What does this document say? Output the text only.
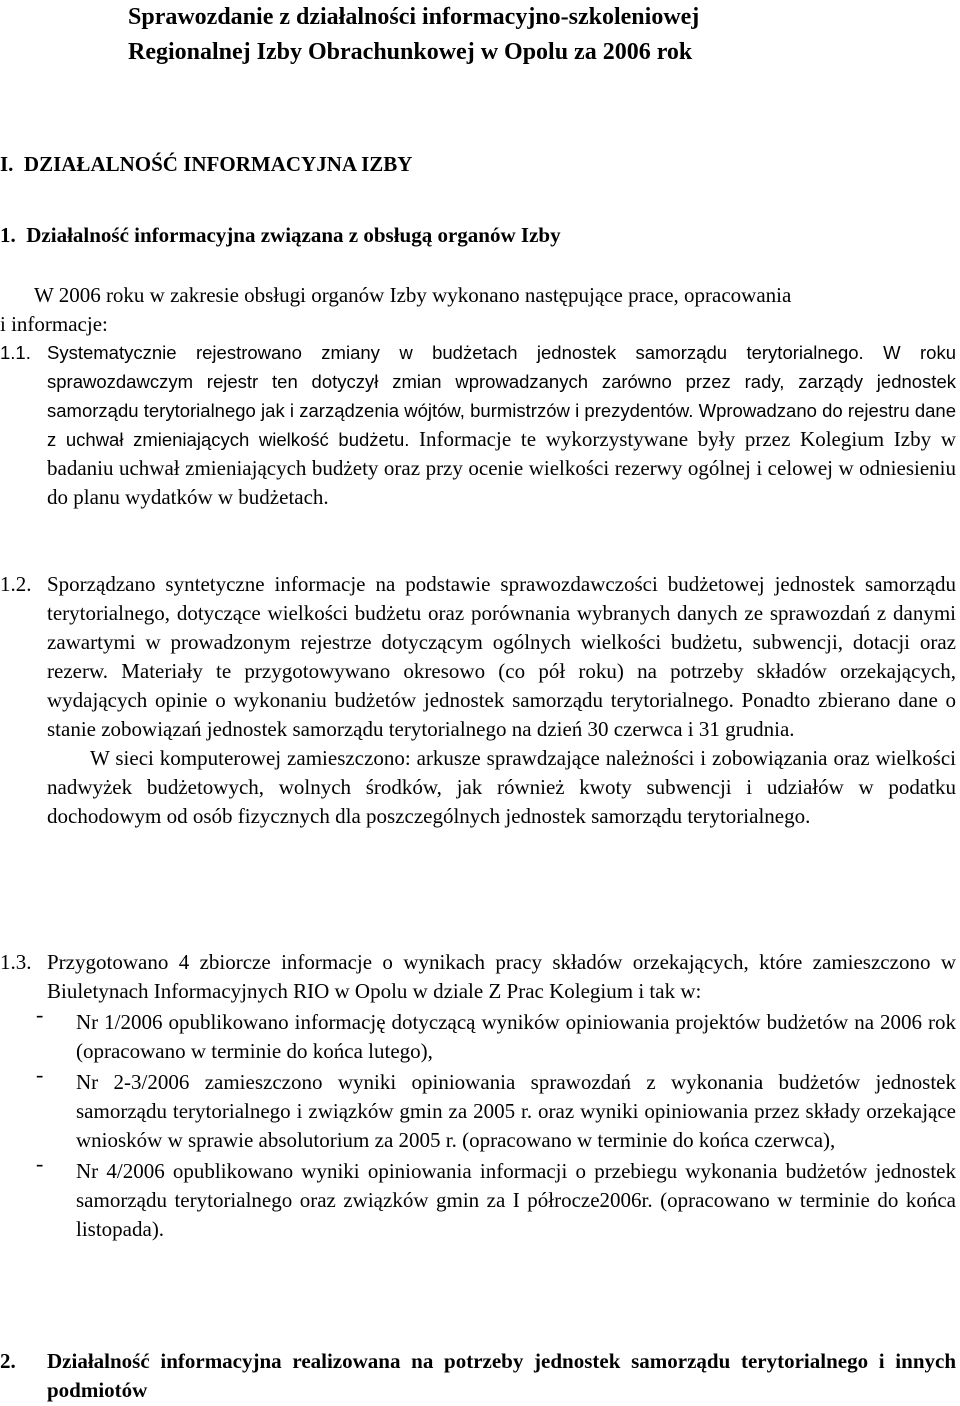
Sprawozdanie z działalności informacyjno-szkoleniowej
Regionalnej Izby Obrachunkowej w Opolu za 2006 rok
I.  DZIAŁALNOŚĆ INFORMACYJNA IZBY
1.  Działalność informacyjna związana z obsługą organów Izby
W 2006 roku w zakresie obsługi organów Izby wykonano następujące prace, opracowania
i informacje:
1.1. Systematycznie rejestrowano zmiany w budżetach jednostek samorządu terytorialnego. W roku sprawozdawczym rejestr ten dotyczył zmian wprowadzanych zarówno przez rady, zarządy jednostek samorządu terytorialnego jak i zarządzenia wójtów, burmistrzów i prezydentów. Wprowadzano do rejestru dane z uchwał zmieniających wielkość budżetu. Informacje te wykorzystywane były przez Kolegium Izby w badaniu uchwał zmieniających budżety oraz przy ocenie wielkości rezerwy ogólnej i celowej w odniesieniu do planu wydatków w budżetach.
1.2. Sporządzano syntetyczne informacje na podstawie sprawozdawczości budżetowej jednostek samorządu terytorialnego, dotyczące wielkości budżetu oraz porównania wybranych danych ze sprawozdań z danymi zawartymi w prowadzonym rejestrze dotyczącym ogólnych wielkości budżetu, subwencji, dotacji oraz rezerw. Materiały te przygotowywano okresowo (co pół roku) na potrzeby składów orzekających, wydających opinie o wykonaniu budżetów jednostek samorządu terytorialnego. Ponadto zbierano dane o stanie zobowiązań jednostek samorządu terytorialnego na dzień 30 czerwca i 31 grudnia.
W sieci komputerowej zamieszczono: arkusze sprawdzające należności i zobowiązania oraz wielkości nadwyżek budżetowych, wolnych środków, jak również kwoty subwencji i udziałów w podatku dochodowym od osób fizycznych dla poszczególnych jednostek samorządu terytorialnego.
1.3. Przygotowano 4 zbiorcze informacje o wynikach pracy składów orzekających, które zamieszczono w Biuletynach Informacyjnych RIO w Opolu w dziale Z Prac Kolegium i tak w:
- Nr 1/2006 opublikowano informację dotyczącą wyników opiniowania projektów budżetów na 2006 rok (opracowano w terminie do końca lutego),
- Nr 2-3/2006 zamieszczono wyniki opiniowania sprawozdań z wykonania budżetów jednostek samorządu terytorialnego i związków gmin za 2005 r. oraz wyniki opiniowania przez składy orzekające wniosków w sprawie absolutorium za 2005 r. (opracowano w terminie do końca czerwca),
- Nr 4/2006 opublikowano wyniki opiniowania informacji o przebiegu wykonania budżetów jednostek samorządu terytorialnego oraz związków gmin za I półrocze2006r. (opracowano w terminie do końca listopada).
2. Działalność informacyjna realizowana na potrzeby jednostek samorządu terytorialnego i innych podmiotów
